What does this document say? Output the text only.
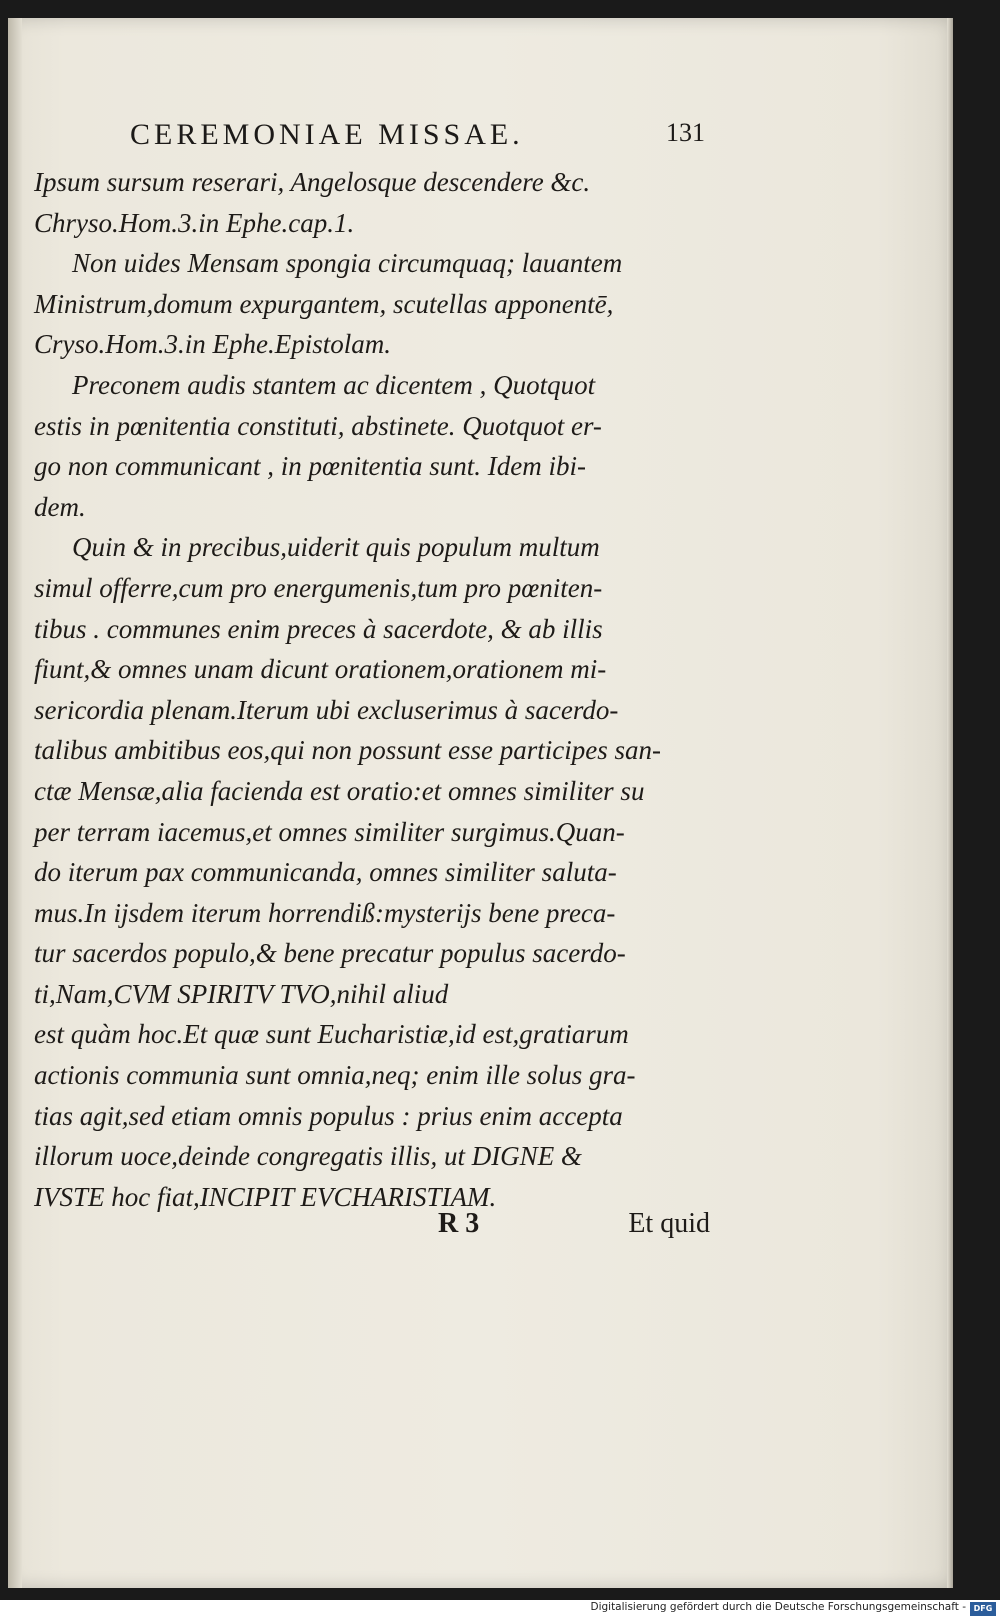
CEREMONIAE MISSAE.	131
Ipsum sursum reserari, Angelosque descendere &c.
Chryso.Hom.3.in Ephe.cap.1.
Non uides Mensam spongia circumquaq; lauantem
Ministrum,domum expurgantem, scutellas apponentē,
Cryso.Hom.3.in Ephe.Epistolam.
Preconem audis stantem ac dicentem , Quotquot
estis in pœnitentia constituti, abstinete. Quotquot er-
go non communicant , in pœnitentia sunt. Idem ibi-
dem.
Quin & in precibus,uiderit quis populum multum
simul offerre,cum pro energumenis,tum pro pœniten-
tibus . communes enim preces à sacerdote, & ab illis
fiunt,& omnes unam dicunt orationem,orationem mi-
sericordia plenam.Iterum ubi excluserimus à sacerdo-
talibus ambitibus eos,qui non possunt esse participes san-
ctæ Mensæ,alia facienda est oratio:et omnes similiter su
per terram iacemus,et omnes similiter surgimus.Quan-
do iterum pax communicanda, omnes similiter saluta-
mus.In ijsdem iterum horrendiß:mysterijs bene preca-
tur sacerdos populo,& bene precatur populus sacerdo-
ti,Nam,CVM SPIRITV TVO,nihil aliud
est quàm hoc.Et quæ sunt Eucharistiæ,id est,gratiarum
actionis communia sunt omnia,neq; enim ille solus gra-
tias agit,sed etiam omnis populus : prius enim accepta
illorum uoce,deinde congregatis illis, ut DIGNE &
IVSTE hoc fiat,INCIPIT EVCHARISTIAM.
R 3	Et quid
Digitalisierung gefördert durch die Deutsche Forschungsgemeinschaft - DFG
